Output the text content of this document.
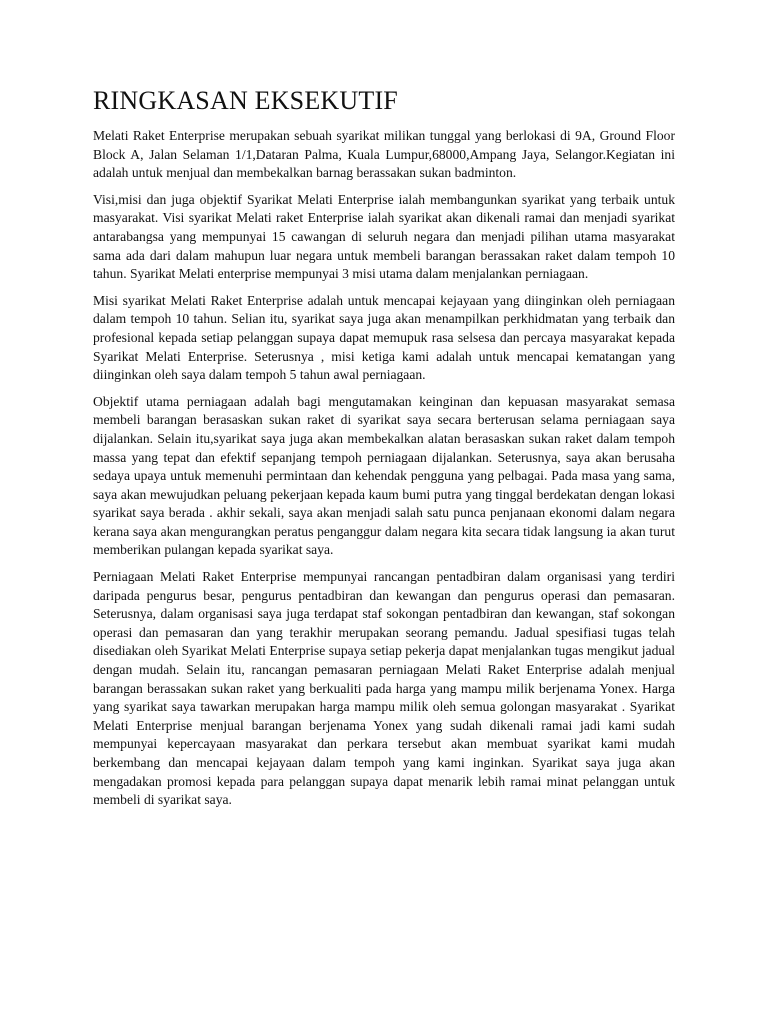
RINGKASAN EKSEKUTIF

Melati Raket Enterprise merupakan sebuah syarikat milikan tunggal yang berlokasi di 9A, Ground Floor Block A, Jalan Selaman 1/1,Dataran Palma, Kuala Lumpur,68000,Ampang Jaya, Selangor.Kegiatan ini adalah untuk menjual dan membekalkan barnag berassakan sukan badminton.

Visi,misi dan juga objektif Syarikat Melati Enterprise ialah membangunkan syarikat yang terbaik untuk masyarakat. Visi syarikat Melati raket Enterprise ialah syarikat akan dikenali ramai dan menjadi syarikat antarabangsa yang mempunyai 15 cawangan di seluruh negara dan menjadi pilihan utama masyarakat sama ada dari dalam mahupun luar negara untuk membeli barangan berassakan raket dalam tempoh 10 tahun. Syarikat Melati enterprise mempunyai 3 misi utama dalam menjalankan perniagaan.

Misi syarikat Melati Raket Enterprise adalah untuk mencapai kejayaan yang diinginkan oleh perniagaan dalam tempoh 10 tahun. Selian itu, syarikat saya juga akan menampilkan perkhidmatan yang terbaik dan profesional kepada setiap pelanggan supaya dapat memupuk rasa selsesa dan percaya masyarakat kepada Syarikat Melati Enterprise. Seterusnya , misi ketiga kami adalah untuk mencapai kematangan yang diinginkan oleh saya dalam tempoh 5 tahun awal perniagaan.

Objektif utama perniagaan adalah bagi mengutamakan keinginan dan kepuasan masyarakat semasa membeli barangan berasaskan sukan raket di syarikat saya secara berterusan selama perniagaan saya dijalankan. Selain itu,syarikat saya juga akan membekalkan alatan berasaskan sukan raket dalam tempoh massa yang tepat dan efektif sepanjang tempoh perniagaan dijalankan. Seterusnya, saya akan berusaha sedaya upaya untuk memenuhi permintaan dan kehendak pengguna yang pelbagai. Pada masa yang sama, saya akan mewujudkan peluang pekerjaan kepada kaum bumi putra yang tinggal berdekatan dengan lokasi syarikat saya berada . akhir sekali, saya akan menjadi salah satu punca penjanaan ekonomi dalam negara kerana saya akan mengurangkan peratus penganggur dalam negara kita secara tidak langsung ia akan turut memberikan pulangan kepada syarikat saya.

Perniagaan Melati Raket Enterprise mempunyai rancangan pentadbiran dalam organisasi yang terdiri daripada pengurus besar, pengurus pentadbiran dan kewangan dan pengurus operasi dan pemasaran. Seterusnya, dalam organisasi saya juga terdapat staf sokongan pentadbiran dan kewangan, staf sokongan operasi dan pemasaran dan yang terakhir merupakan seorang pemandu. Jadual spesifiasi tugas telah disediakan oleh Syarikat Melati Enterprise supaya setiap pekerja dapat menjalankan tugas mengikut jadual dengan mudah. Selain itu, rancangan pemasaran perniagaan Melati Raket Enterprise adalah menjual barangan berassakan sukan raket yang berkualiti pada harga yang mampu milik berjenama Yonex. Harga yang syarikat saya tawarkan merupakan harga mampu milik oleh semua golongan masyarakat . Syarikat Melati Enterprise menjual barangan berjenama Yonex yang sudah dikenali ramai jadi kami sudah mempunyai kepercayaan masyarakat dan perkara tersebut akan membuat syarikat kami mudah berkembang dan mencapai kejayaan dalam tempoh yang kami inginkan. Syarikat saya juga akan mengadakan promosi kepada para pelanggan supaya dapat menarik lebih ramai minat pelanggan untuk membeli di syarikat saya.
